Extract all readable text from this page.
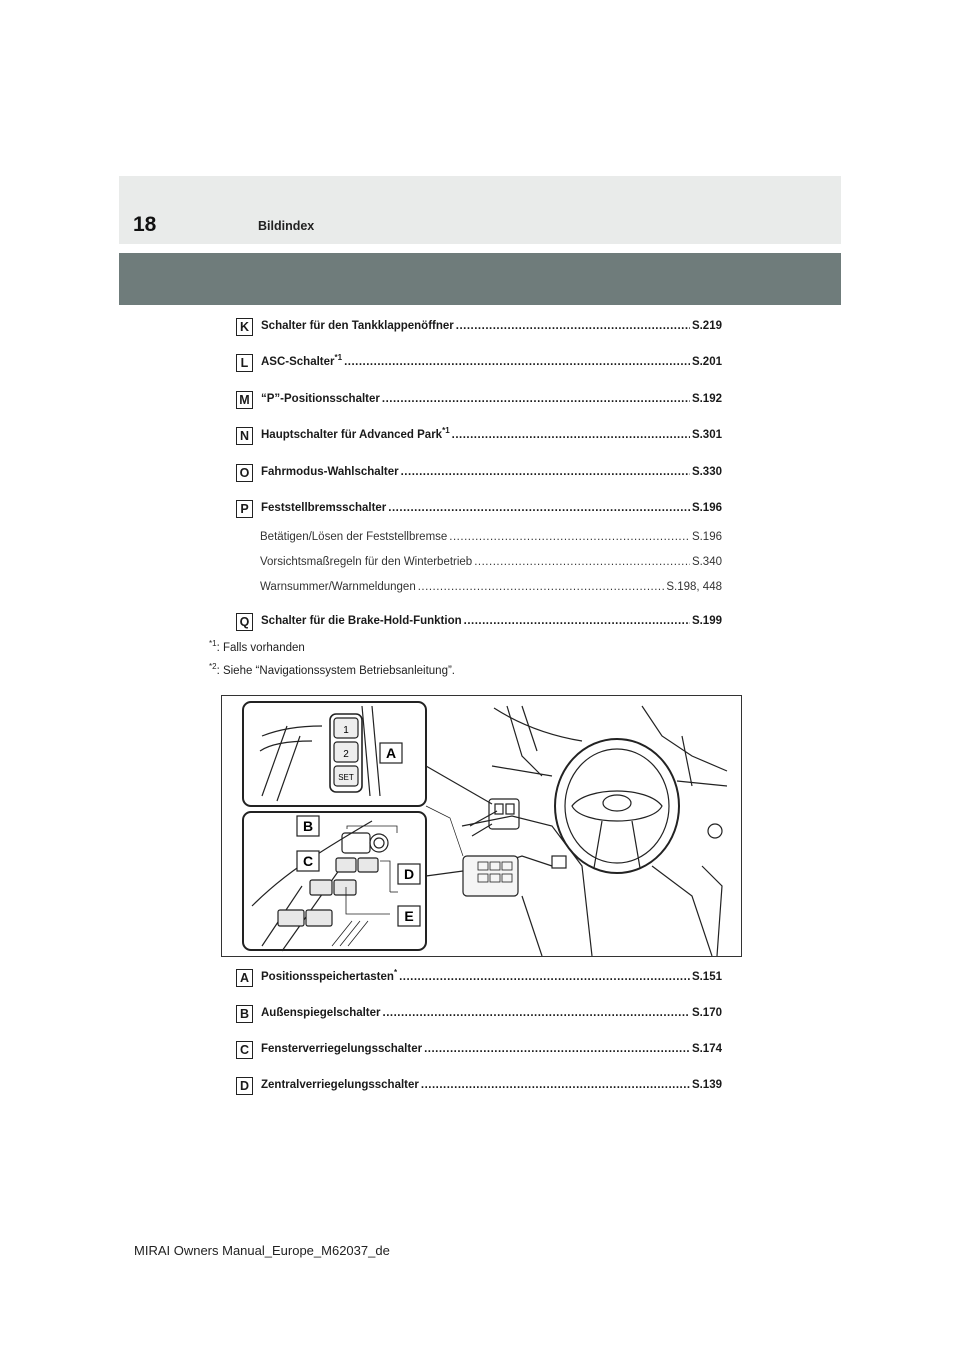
18	Bildindex
K	Schalter für den Tankklappenöffner .....	S.219
L	ASC-Schalter$^{*1}$ .....	S.201
M “P”-Positionsschalter .....	S.192
N	Hauptschalter für Advanced Park$^{*1}$ .....	S.301
O	Fahrmodus-Wahlschalter .....	S.330
P	Feststellbremsschalter .....	S.196
Betätigen/Lösen der Feststellbremse .....	S.196
Vorsichtsmaßregeln für den Winterbetrieb .....	S.340
Warnsummer/Warnmeldungen .....	S.198, 448
Q	Schalter für die Brake-Hold-Funktion .....	S.199
$^{*1}$: Falls vorhanden
$^{*2}$: Siehe “Navigationssystem Betriebsanleitung”.
1
2
SET
A
B
C
D
E
A	Positionsspeichertasten* .....	S.151
B	Außenspiegelschalter .....	S.170
C	Fensterverriegelungsschalter .....	S.174
D	Zentralverriegelungsschalter .....	S.139
MIRAI Owners Manual_Europe_M62037_de
